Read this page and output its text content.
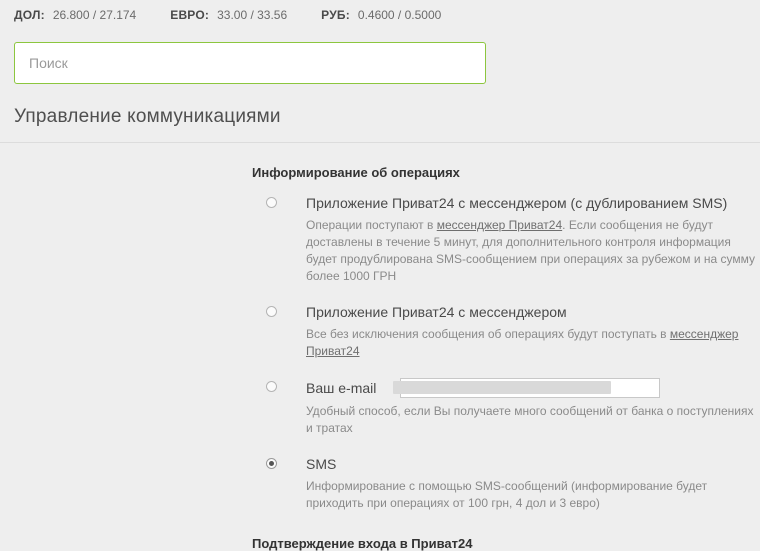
ДОЛ: 26.800 / 27.174	ЕВРО: 33.00 / 33.56	РУБ: 0.4600 / 0.5000
Поиск
Управление коммуникациями
Информирование об операциях
Приложение Приват24 с мессенджером (с дублированием SMS)
Операции поступают в мессенджер Приват24. Если сообщения не будут доставлены в течение 5 минут, для дополнительного контроля информация будет продублирована SMS-сообщением при операциях за рубежом и на сумму более 1000 ГРН
Приложение Приват24 с мессенджером
Все без исключения сообщения об операциях будут поступать в мессенджер Приват24
Ваш e-mail
Удобный способ, если Вы получаете много сообщений от банка о поступлениях и тратах
SMS
Информирование с помощью SMS-сообщений (информирование будет приходить при операциях от 100 грн, 4 дол и 3 евро)
Подтверждение входа в Приват24
